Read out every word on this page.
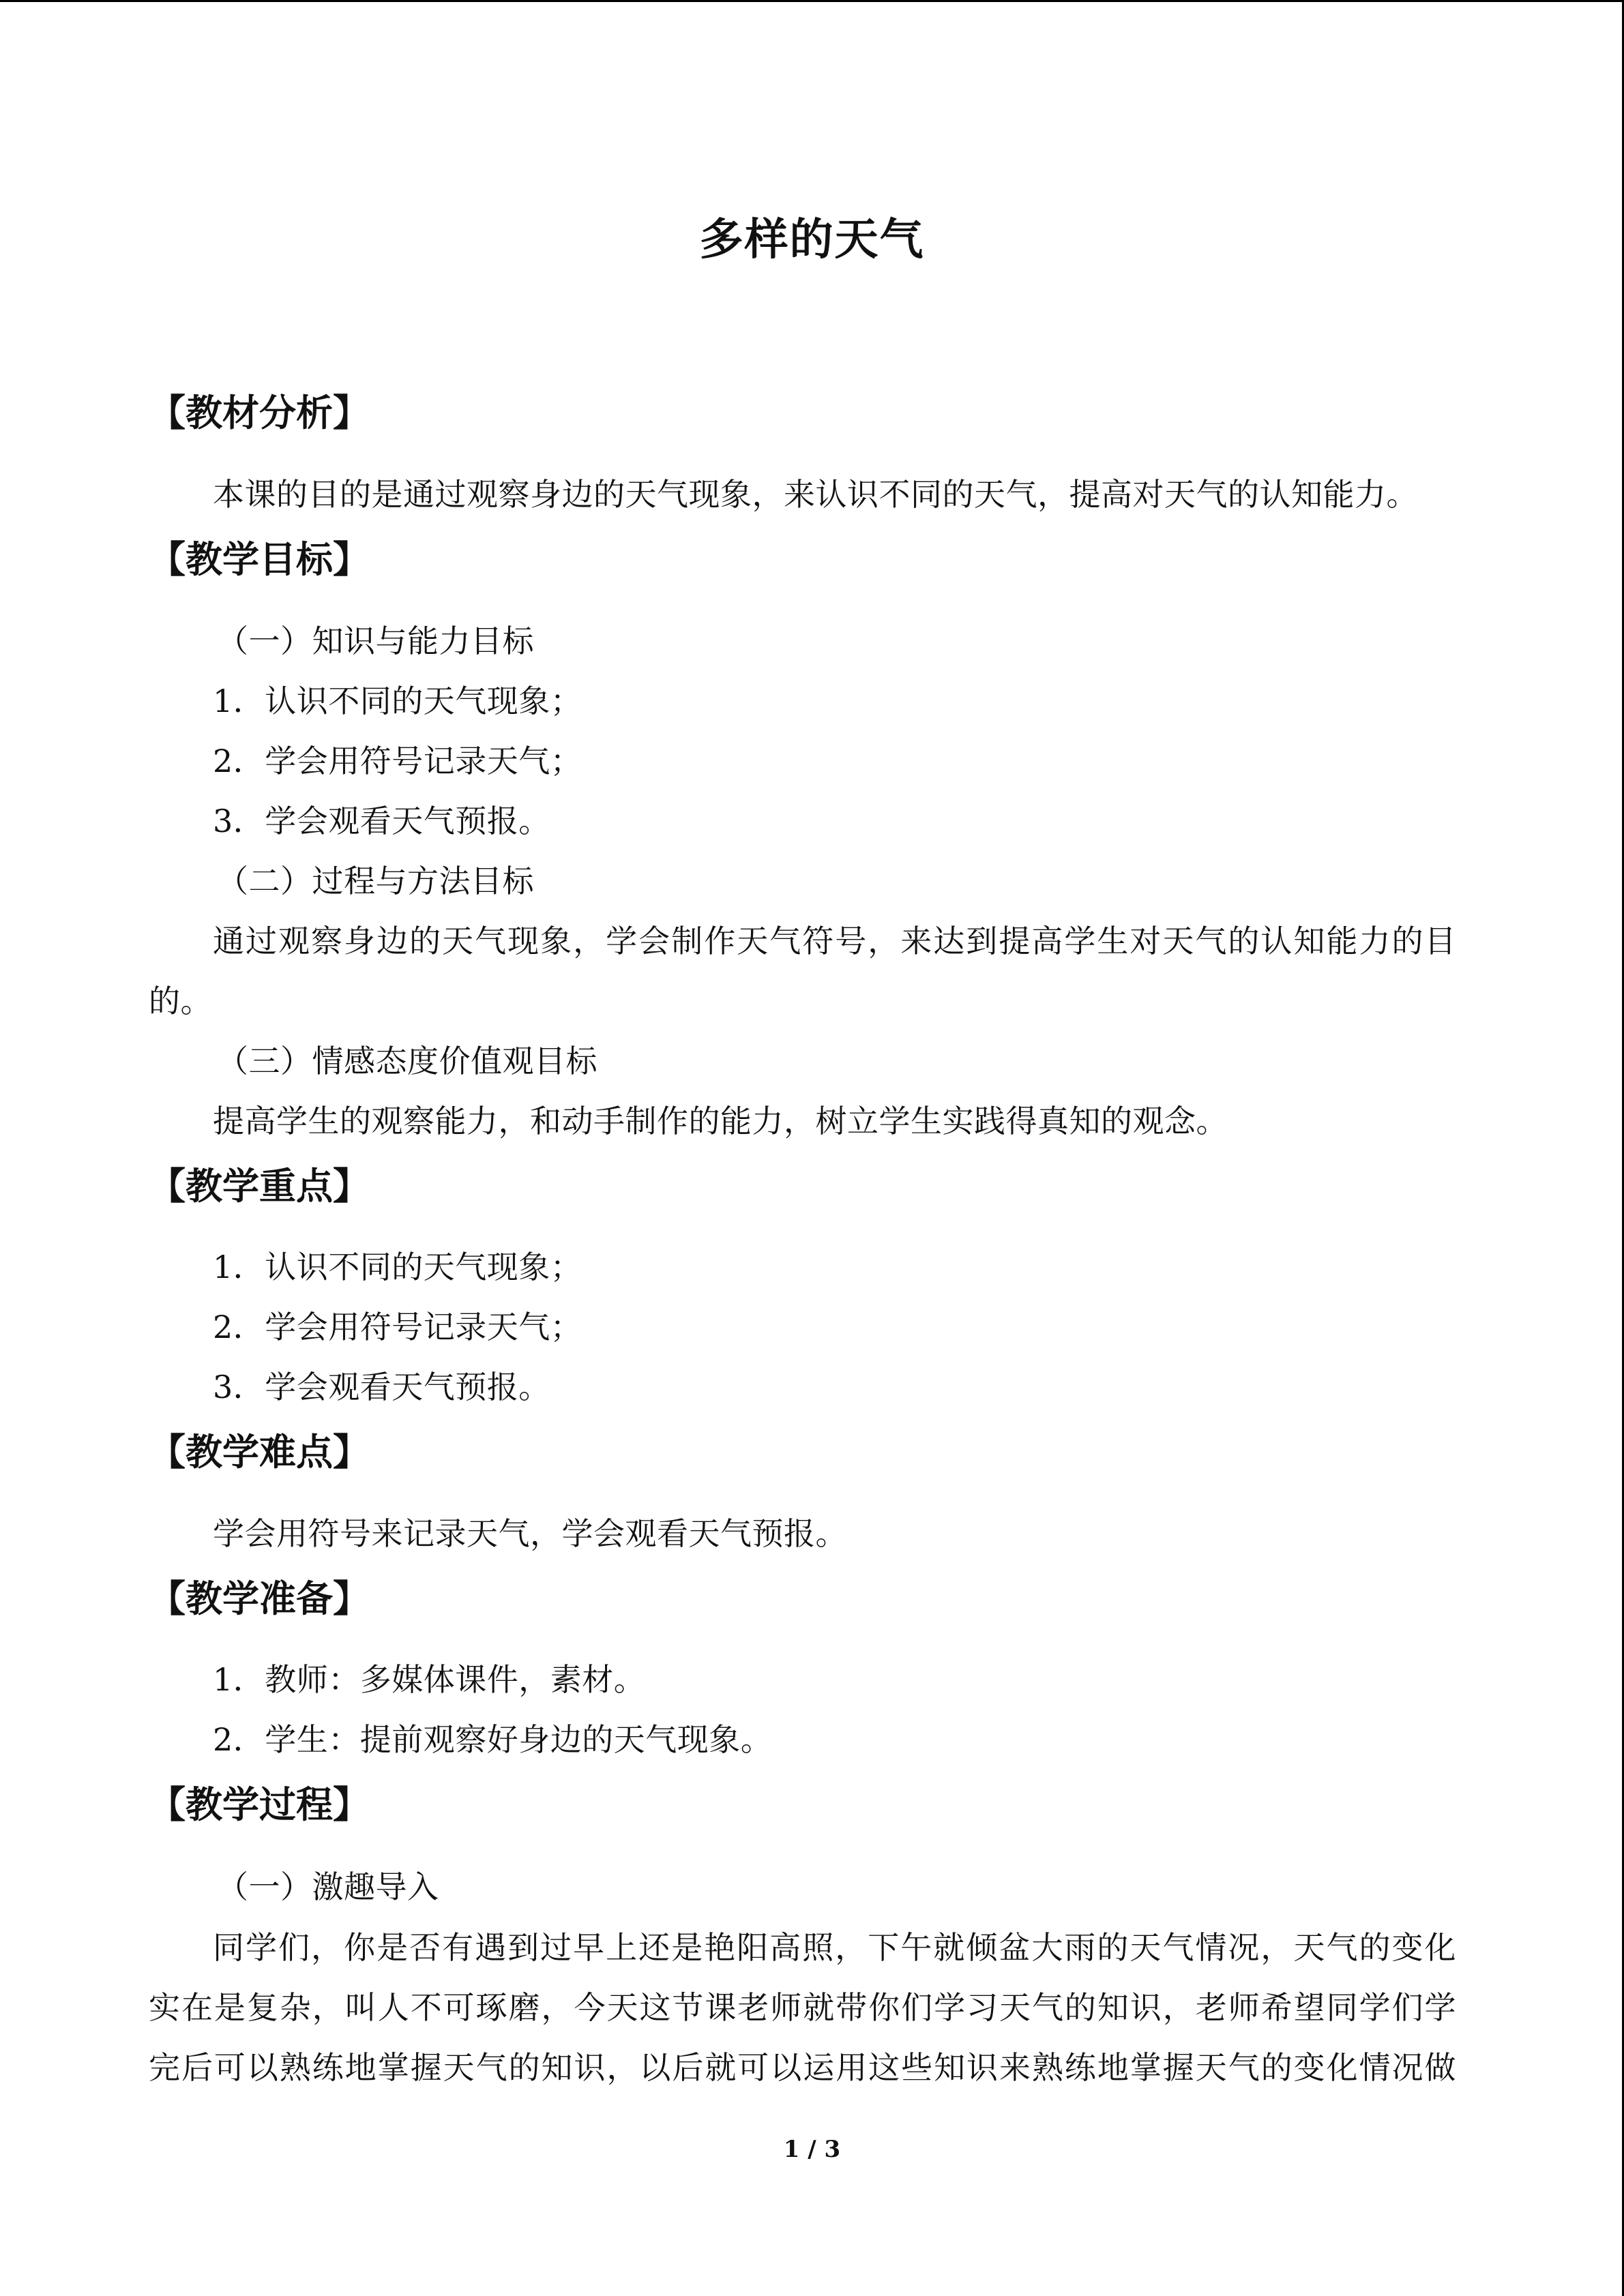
多样的天气
【教材分析】
本课的目的是通过观察身边的天气现象，来认识不同的天气，提高对天气的认知能力。
【教学目标】
（一）知识与能力目标
1．认识不同的天气现象；
2．学会用符号记录天气；
3．学会观看天气预报。
（二）过程与方法目标
通过观察身边的天气现象，学会制作天气符号，来达到提高学生对天气的认知能力的目
的。
（三）情感态度价值观目标
提高学生的观察能力，和动手制作的能力，树立学生实践得真知的观念。
【教学重点】
1．认识不同的天气现象；
2．学会用符号记录天气；
3．学会观看天气预报。
【教学难点】
学会用符号来记录天气，学会观看天气预报。
【教学准备】
1．教师：多媒体课件，素材。
2．学生：提前观察好身边的天气现象。
【教学过程】
（一）激趣导入
同学们，你是否有遇到过早上还是艳阳高照，下午就倾盆大雨的天气情况，天气的变化
实在是复杂，叫人不可琢磨，今天这节课老师就带你们学习天气的知识，老师希望同学们学
完后可以熟练地掌握天气的知识，以后就可以运用这些知识来熟练地掌握天气的变化情况做
1 / 3
